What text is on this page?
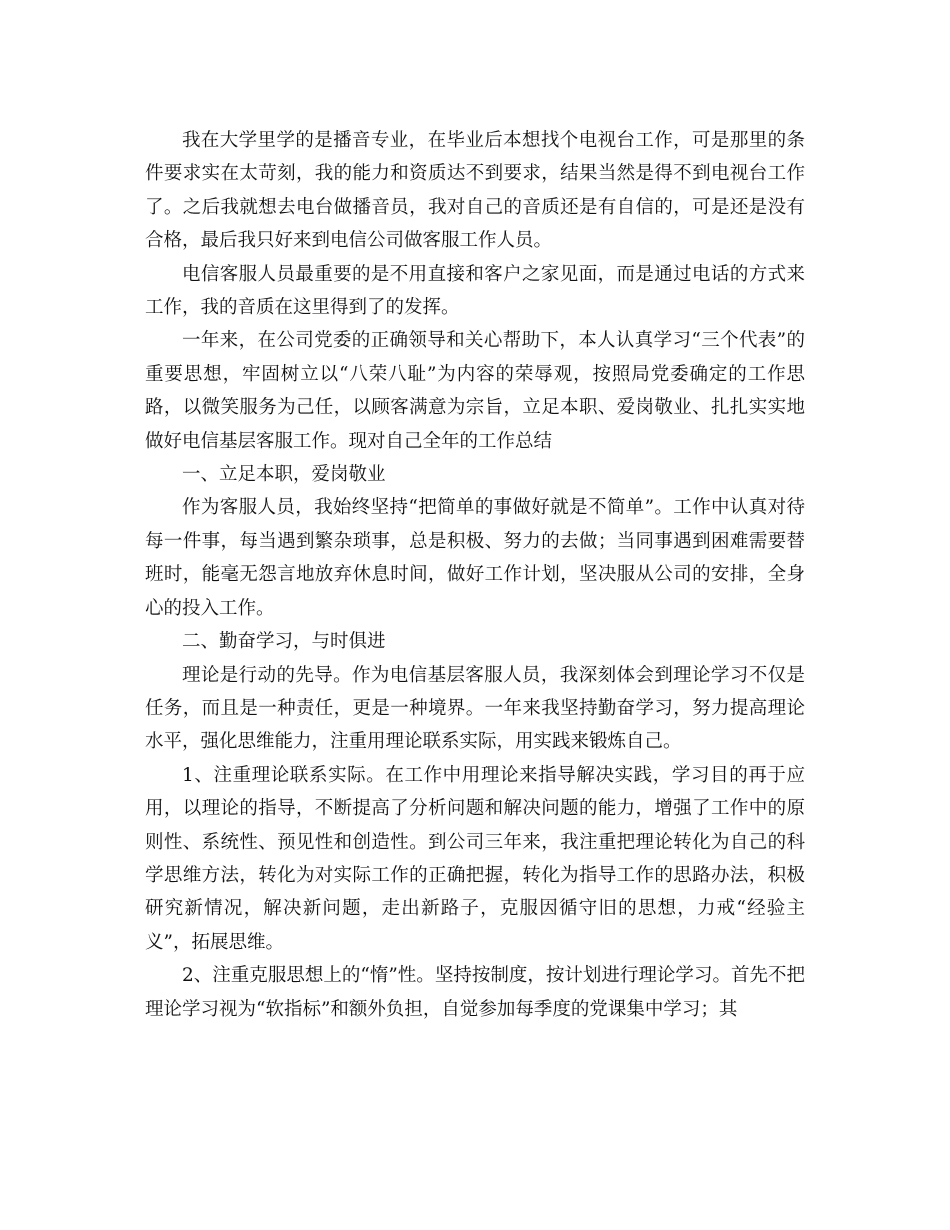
我在大学里学的是播音专业，在毕业后本想找个电视台工作，可是那里的条件要求实在太苛刻，我的能力和资质达不到要求，结果当然是得不到电视台工作了。之后我就想去电台做播音员，我对自己的音质还是有自信的，可是还是没有合格，最后我只好来到电信公司做客服工作人员。

电信客服人员最重要的是不用直接和客户之家见面，而是通过电话的方式来工作，我的音质在这里得到了的发挥。

一年来，在公司党委的正确领导和关心帮助下，本人认真学习“三个代表”的重要思想，牢固树立以“八荣八耻”为内容的荣辱观，按照局党委确定的工作思路，以微笑服务为己任，以顾客满意为宗旨，立足本职、爱岗敬业、扎扎实实地做好电信基层客服工作。现对自己全年的工作总结

一、立足本职，爱岗敬业

作为客服人员，我始终坚持“把简单的事做好就是不简单”。工作中认真对待每一件事，每当遇到繁杂琐事，总是积极、努力的去做；当同事遇到困难需要替班时，能毫无怨言地放弃休息时间，做好工作计划，坚决服从公司的安排，全身心的投入工作。

二、勤奋学习，与时俱进

理论是行动的先导。作为电信基层客服人员，我深刻体会到理论学习不仅是任务，而且是一种责任，更是一种境界。一年来我坚持勤奋学习，努力提高理论水平，强化思维能力，注重用理论联系实际，用实践来锻炼自己。

1、注重理论联系实际。在工作中用理论来指导解决实践，学习目的再于应用，以理论的指导，不断提高了分析问题和解决问题的能力，增强了工作中的原则性、系统性、预见性和创造性。到公司三年来，我注重把理论转化为自己的科学思维方法，转化为对实际工作的正确把握，转化为指导工作的思路办法，积极研究新情况，解决新问题，走出新路子，克服因循守旧的思想，力戒“经验主义”，拓展思维。

2、注重克服思想上的“惰”性。坚持按制度，按计划进行理论学习。首先不把理论学习视为“软指标”和额外负担，自觉参加每季度的党课集中学习；其
